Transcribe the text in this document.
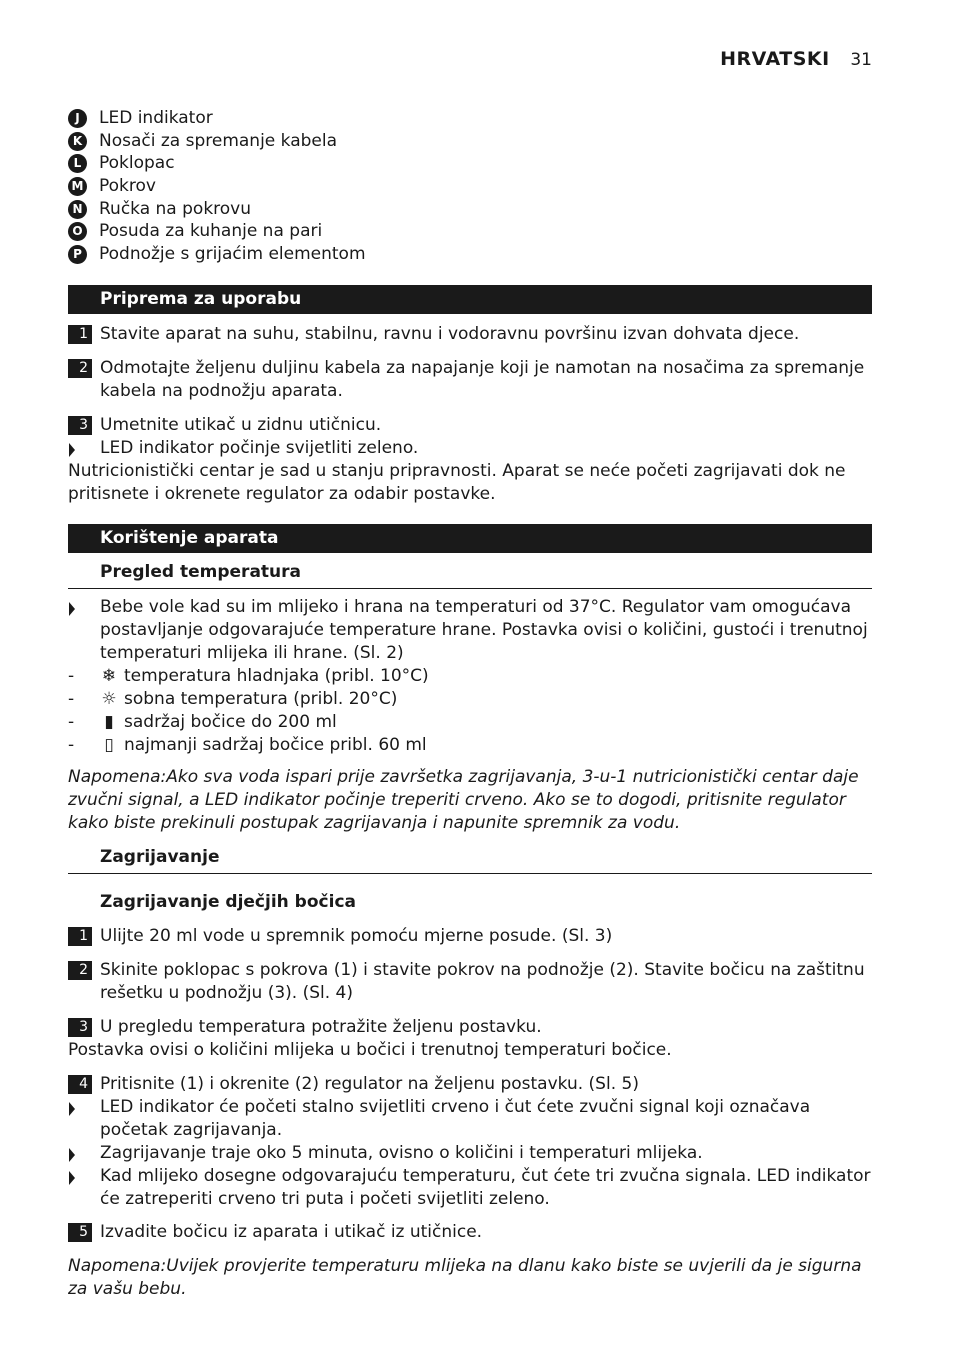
HRVATSKI 31
J	LED indikator
K Nosači za spremanje kabela
L	Poklopac
M Pokrov
N Ručka na pokrovu
O Posuda za kuhanje na pari
P	Podnožje s grijaćim elementom
Priprema za uporabu
1 Stavite aparat na suhu, stabilnu, ravnu i vodoravnu površinu izvan dohvata djece.
2 Odmotajte željenu duljinu kabela za napajanje koji je namotan na nosačima za spremanje kabela na podnožju aparata.
3 Umetnite utikač u zidnu utičnicu.
LED indikator počinje svijetliti zeleno.
Nutricionistički centar je sad u stanju pripravnosti. Aparat se neće početi zagrijavati dok ne pritisnete i okrenete regulator za odabir postavke.
Korištenje aparata
Pregled temperatura
Bebe vole kad su im mlijeko i hrana na temperaturi od 37°C. Regulator vam omogućava postavljanje odgovarajuće temperature hrane. Postavka ovisi o količini, gustoći i trenutnoj temperaturi mlijeka ili hrane. (Sl. 2)
- ❄ temperatura hladnjaka (pribl. 10°C)
- ☼ sobna temperatura (pribl. 20°C)
- ▮ sadržaj bočice do 200 ml
- ▯ najmanji sadržaj bočice pribl. 60 ml
Napomena:Ako sva voda ispari prije završetka zagrijavanja, 3-u-1 nutricionistički centar daje zvučni signal, a LED indikator počinje treperiti crveno. Ako se to dogodi, pritisnite regulator kako biste prekinuli postupak zagrijavanja i napunite spremnik za vodu.
Zagrijavanje
Zagrijavanje dječjih bočica
1 Ulijte 20 ml vode u spremnik pomoću mjerne posude. (Sl. 3)
2 Skinite poklopac s pokrova (1) i stavite pokrov na podnožje (2). Stavite bočicu na zaštitnu rešetku u podnožju (3). (Sl. 4)
3 U pregledu temperatura potražite željenu postavku.
Postavka ovisi o količini mlijeka u bočici i trenutnoj temperaturi bočice.
4 Pritisnite (1) i okrenite (2) regulator na željenu postavku. (Sl. 5)
LED indikator će početi stalno svijetliti crveno i čut ćete zvučni signal koji označava početak zagrijavanja.
Zagrijavanje traje oko 5 minuta, ovisno o količini i temperaturi mlijeka.
Kad mlijeko dosegne odgovarajuću temperaturu, čut ćete tri zvučna signala. LED indikator će zatreperiti crveno tri puta i početi svijetliti zeleno.
5 Izvadite bočicu iz aparata i utikač iz utičnice.
Napomena:Uvijek provjerite temperaturu mlijeka na dlanu kako biste se uvjerili da je sigurna za vašu bebu.
